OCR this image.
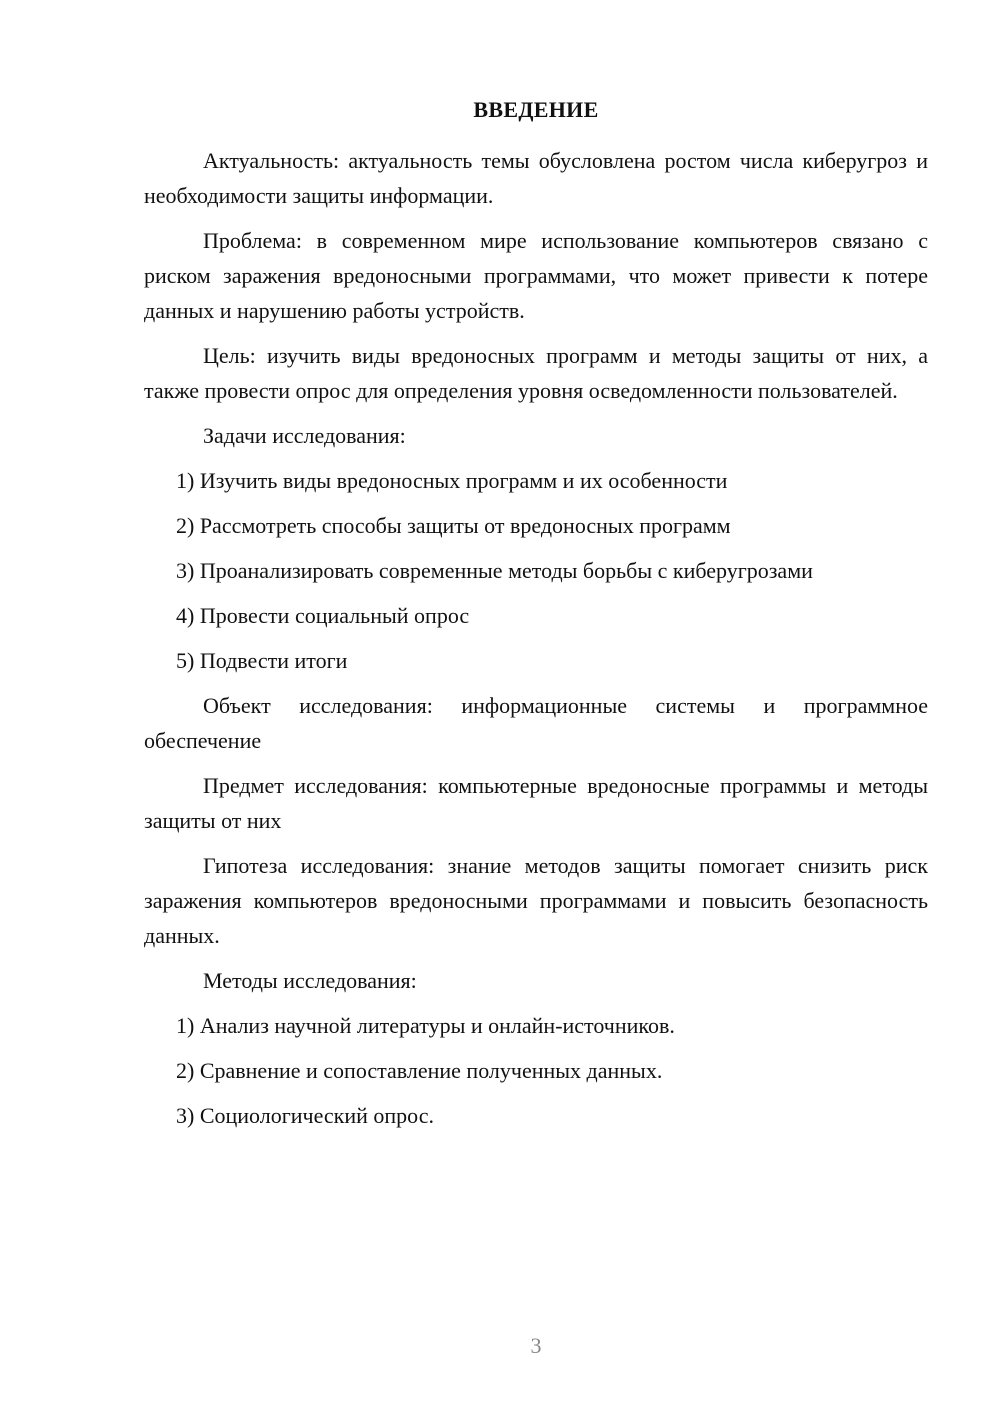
ВВЕДЕНИЕ

Актуальность: актуальность темы обусловлена ростом числа киберугроз и необходимости защиты информации.

Проблема: в современном мире использование компьютеров связано с риском заражения вредоносными программами, что может привести к потере данных и нарушению работы устройств.

Цель: изучить виды вредоносных программ и методы защиты от них, а также провести опрос для определения уровня осведомленности пользователей.

Задачи исследования:

1) Изучить виды вредоносных программ и их особенности
2) Рассмотреть способы защиты от вредоносных программ
3) Проанализировать современные методы борьбы с киберугрозами
4) Провести социальный опрос
5) Подвести итоги

Объект исследования: информационные системы и программное обеспечение

Предмет исследования: компьютерные вредоносные программы и методы защиты от них

Гипотеза исследования: знание методов защиты помогает снизить риск заражения компьютеров вредоносными программами и повысить безопасность данных.

Методы исследования:

1) Анализ научной литературы и онлайн-источников.
2) Сравнение и сопоставление полученных данных.
3) Социологический опрос.
3
